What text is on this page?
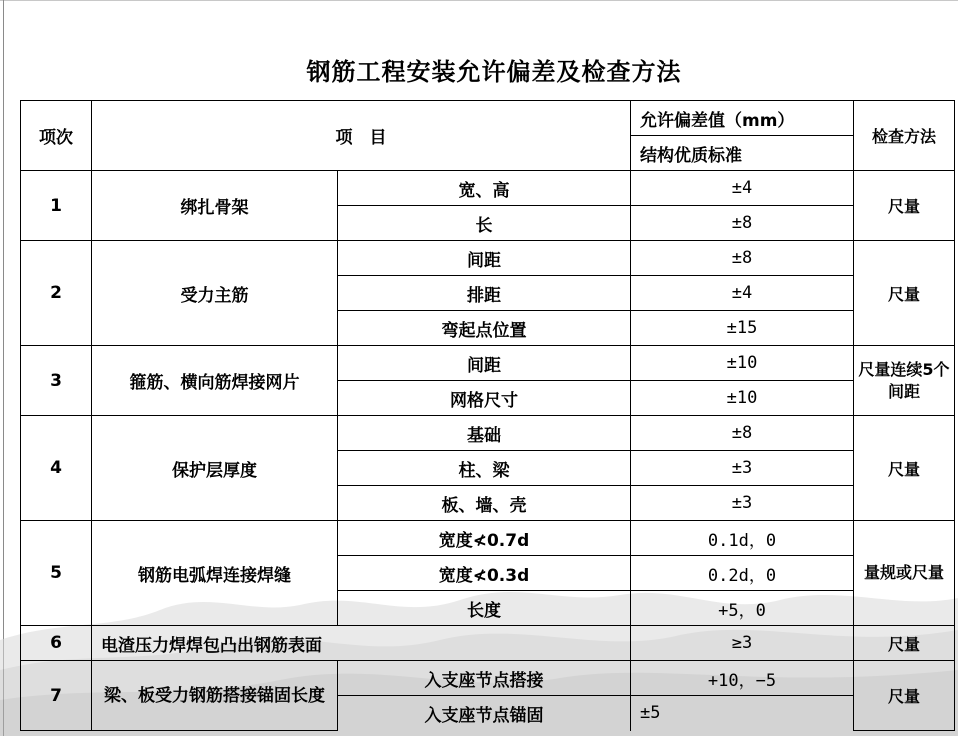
钢筋工程安装允许偏差及检查方法
项次	项　目		允许偏差值（mm）	检查方法
			结构优质标准	
1	绑扎骨架	宽、高	±4	尺量
		长	±8	
2	受力主筋	间距	±8	尺量
		排距	±4	
		弯起点位置	±15	
3	箍筋、横向筋焊接网片	间距	±10	尺量连续5个间距
		网格尺寸	±10	
4	保护层厚度	基础	±8	尺量
		柱、梁	±3	
		板、墙、壳	±3	
5	钢筋电弧焊连接焊缝	宽度≮0.7d	0.1d，0	量规或尺量
		宽度≮0.3d	0.2d，0	
		长度	+5，0	
6	电渣压力焊焊包凸出钢筋表面		≥3	尺量
7	梁、板受力钢筋搭接锚固长度	入支座节点搭接	+10，−5	尺量
		入支座节点锚固	±5	
